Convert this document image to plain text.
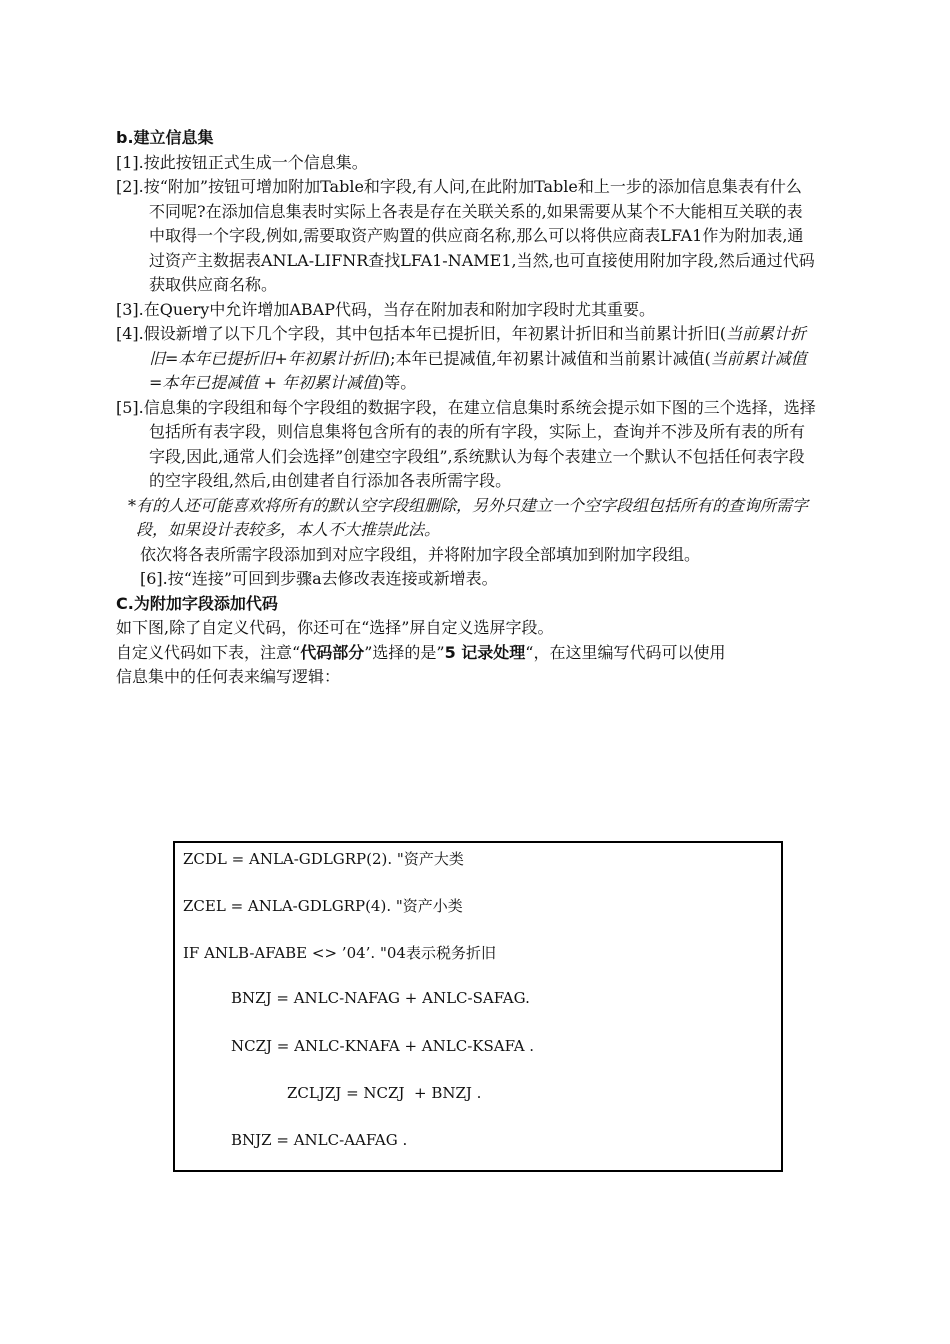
b.建立信息集

[1].按此按钮正式生成一个信息集。

[2].按“附加”按钮可增加附加Table和字段,有人问,在此附加Table和上一步的添加信息集表有什么不同呢?在添加信息集表时实际上各表是存在关联关系的,如果需要从某个不大能相互关联的表中取得一个字段,例如,需要取资产购置的供应商名称,那么可以将供应商表LFA1作为附加表,通过资产主数据表ANLA-LIFNR查找LFA1-NAME1,当然,也可直接使用附加字段,然后通过代码获取供应商名称。

[3].在Query中允许增加ABAP代码，当存在附加表和附加字段时尤其重要。

[4].假设新增了以下几个字段，其中包括本年已提折旧，年初累计折旧和当前累计折旧(当前累计折旧=本年已提折旧+年初累计折旧);本年已提减值,年初累计减值和当前累计减值(当前累计减值=本年已提减值 + 年初累计减值)等。

[5].信息集的字段组和每个字段组的数据字段，在建立信息集时系统会提示如下图的三个选择，选择包括所有表字段，则信息集将包含所有的表的所有字段，实际上，查询并不涉及所有表的所有字段,因此,通常人们会选择”创建空字段组”,系统默认为每个表建立一个默认不包括任何表字段的空字段组,然后,由创建者自行添加各表所需字段。

*有的人还可能喜欢将所有的默认空字段组删除，另外只建立一个空字段组包括所有的查询所需字段，如果设计表较多，本人不大推崇此法。

依次将各表所需字段添加到对应字段组，并将附加字段全部填加到附加字段组。

[6].按“连接”可回到步骤a去修改表连接或新增表。

C.为附加字段添加代码

如下图,除了自定义代码，你还可在“选择”屏自定义选屏字段。

自定义代码如下表，注意“代码部分”选择的是”5 记录处理“，在这里编写代码可以使用

信息集中的任何表来编写逻辑：

ZCDL = ANLA-GDLGRP(2). "资产大类
ZCEL = ANLA-GDLGRP(4). "资产小类
IF ANLB-AFABE <> ’04’. "04表示税务折旧
BNZJ = ANLC-NAFAG + ANLC-SAFAG.
NCZJ = ANLC-KNAFA + ANLC-KSAFA .
ZCLJZJ = NCZJ  + BNZJ .
BNJZ = ANLC-AAFAG .
